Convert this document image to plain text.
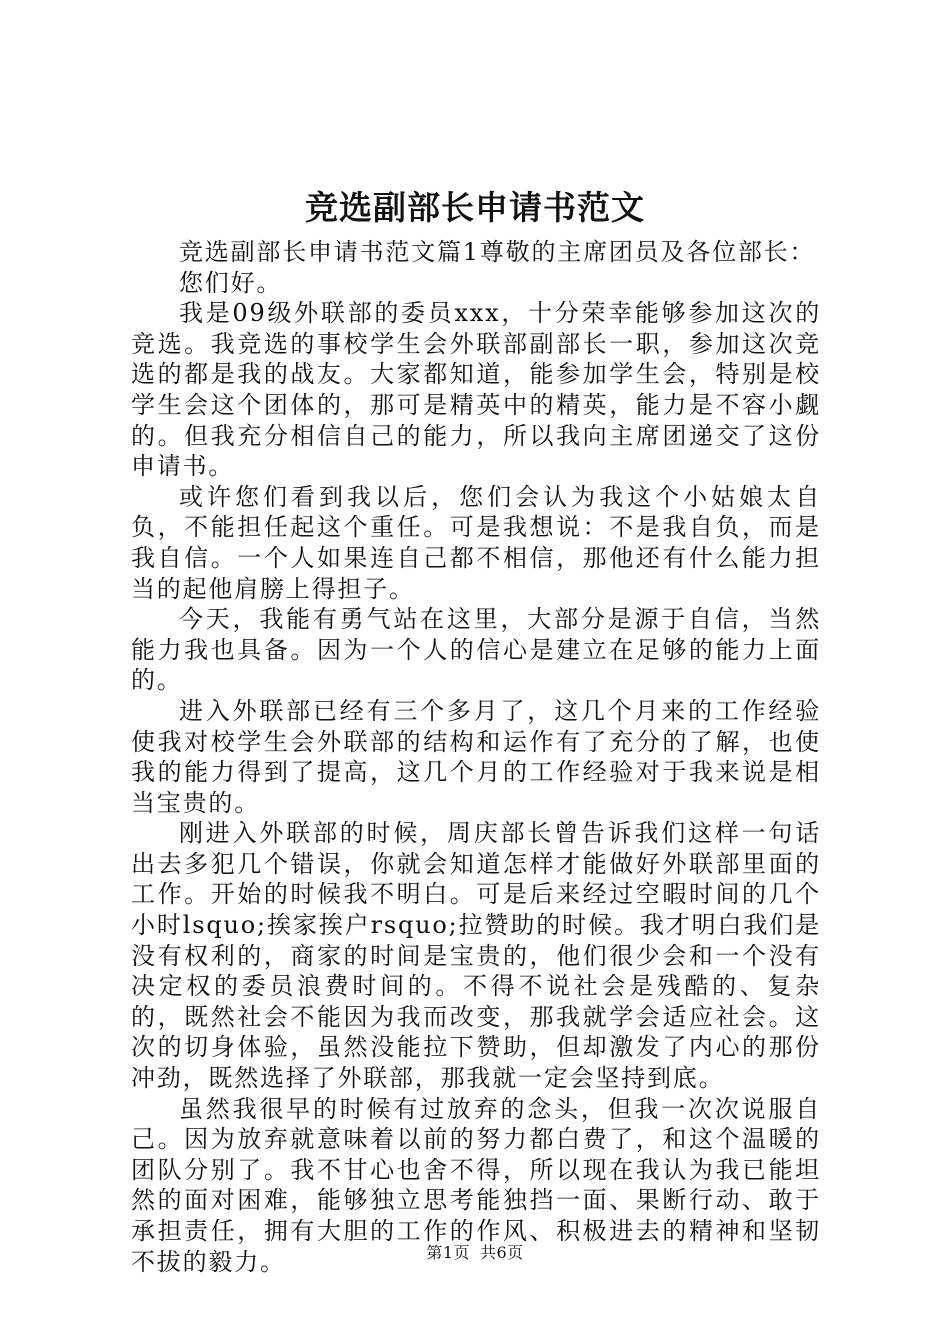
竞选副部长申请书范文

竞选副部长申请书范文篇1尊敬的主席团员及各位部长：

您们好。

我是09级外联部的委员xxx，十分荣幸能够参加这次的竞选。我竞选的事校学生会外联部副部长一职，参加这次竞选的都是我的战友。大家都知道，能参加学生会，特别是校学生会这个团体的，那可是精英中的精英，能力是不容小觑的。但我充分相信自己的能力，所以我向主席团递交了这份申请书。

或许您们看到我以后，您们会认为我这个小姑娘太自负，不能担任起这个重任。可是我想说：不是我自负，而是我自信。一个人如果连自己都不相信，那他还有什么能力担当的起他肩膀上得担子。

今天，我能有勇气站在这里，大部分是源于自信，当然能力我也具备。因为一个人的信心是建立在足够的能力上面的。

进入外联部已经有三个多月了，这几个月来的工作经验使我对校学生会外联部的结构和运作有了充分的了解，也使我的能力得到了提高，这几个月的工作经验对于我来说是相当宝贵的。

刚进入外联部的时候，周庆部长曾告诉我们这样一句话出去多犯几个错误，你就会知道怎样才能做好外联部里面的工作。开始的时候我不明白。可是后来经过空暇时间的几个小时lsquo;挨家挨户rsquo;拉赞助的时候。我才明白我们是没有权利的，商家的时间是宝贵的，他们很少会和一个没有决定权的委员浪费时间的。不得不说社会是残酷的、复杂的，既然社会不能因为我而改变，那我就学会适应社会。这次的切身体验，虽然没能拉下赞助，但却激发了内心的那份冲劲，既然选择了外联部，那我就一定会坚持到底。

虽然我很早的时候有过放弃的念头，但我一次次说服自己。因为放弃就意味着以前的努力都白费了，和这个温暖的团队分别了。我不甘心也舍不得，所以现在我认为我已能坦然的面对困难，能够独立思考能独挡一面、果断行动、敢于承担责任，拥有大胆的工作的作风、积极进去的精神和坚韧不拔的毅力。	第1页 共6页
